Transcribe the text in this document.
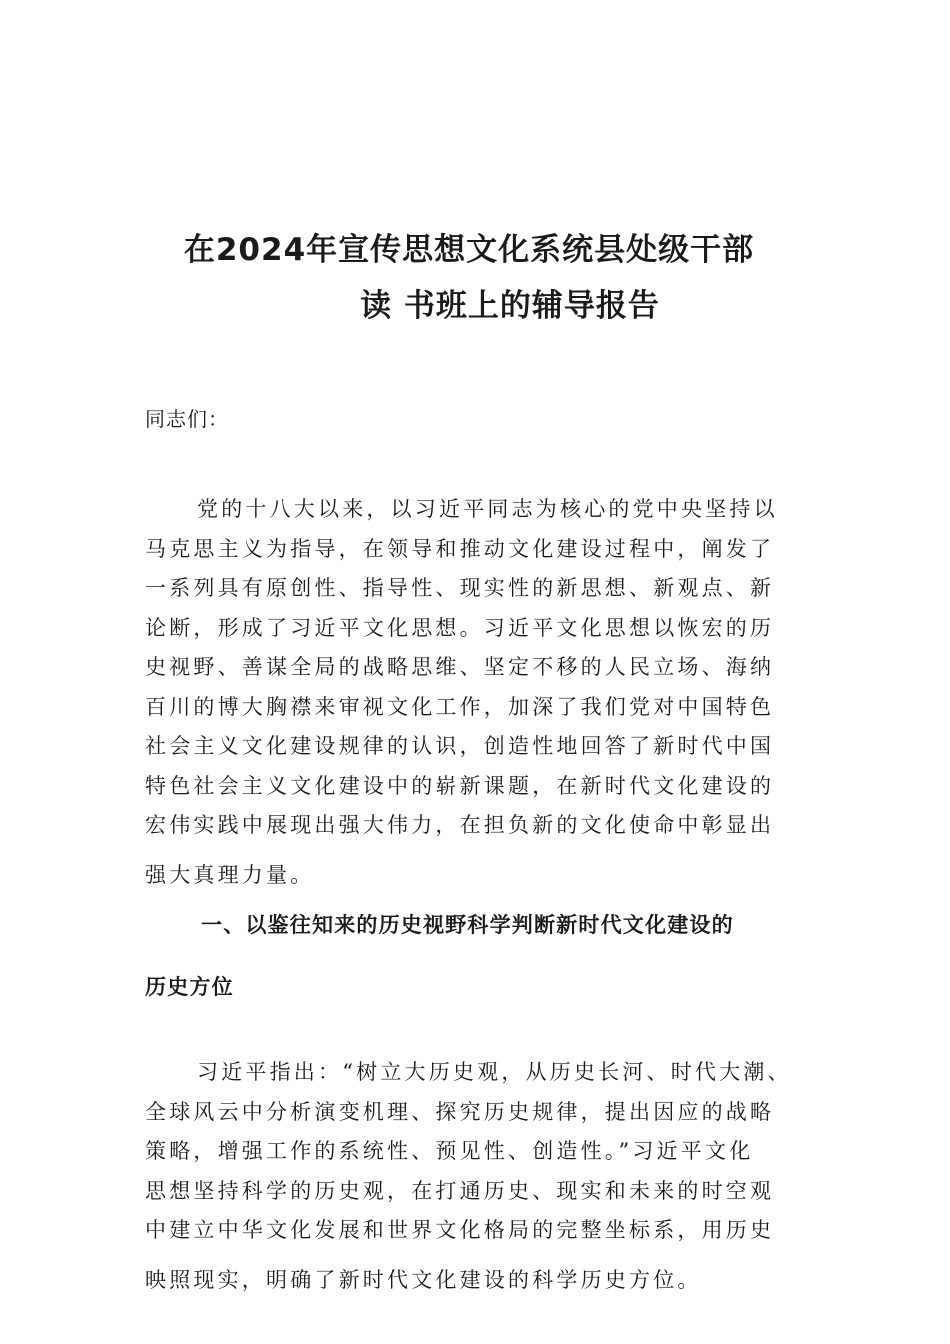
在2024年宣传思想文化系统县处级干部
读 书班上的辅导报告
同志们：
党的十八大以来，以习近平同志为核心的党中央坚持以
马克思主义为指导，在领导和推动文化建设过程中，阐发了
一系列具有原创性、指导性、现实性的新思想、新观点、新
论断，形成了习近平文化思想。习近平文化思想以恢宏的历
史视野、善谋全局的战略思维、坚定不移的人民立场、海纳
百川的博大胸襟来审视文化工作，加深了我们党对中国特色
社会主义文化建设规律的认识，创造性地回答了新时代中国
特色社会主义文化建设中的崭新课题，在新时代文化建设的
宏伟实践中展现出强大伟力，在担负新的文化使命中彰显出
强大真理力量。
一、以鉴往知来的历史视野科学判断新时代文化建设的
历史方位
习近平指出：“树立大历史观，从历史长河、时代大潮、
全球风云中分析演变机理、探究历史规律，提出因应的战略
策略，增强工作的系统性、预见性、创造性。”习近平文化
思想坚持科学的历史观，在打通历史、现实和未来的时空观
中建立中华文化发展和世界文化格局的完整坐标系，用历史
映照现实，明确了新时代文化建设的科学历史方位。
